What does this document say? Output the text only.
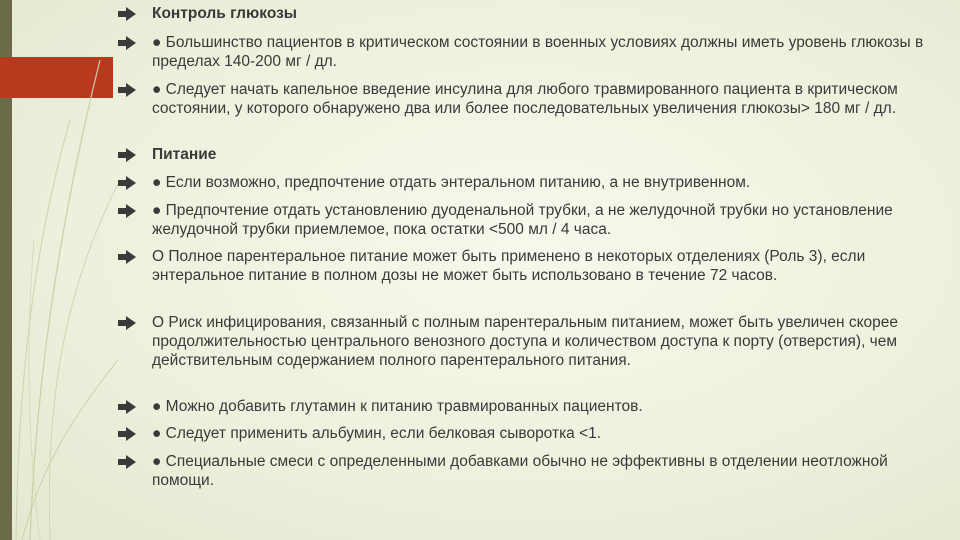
Контроль глюкозы
● Большинство пациентов в критическом состоянии в военных условиях должны иметь уровень глюкозы в пределах 140-200 мг / дл.
● Следует начать капельное введение инсулина для любого травмированного пациента в критическом состоянии, у которого обнаружено два или более последовательных увеличения глюкозы> 180 мг / дл.
Питание
● Если возможно, предпочтение отдать энтеральном питанию, а не внутривенном.
● Предпочтение отдать установлению дуоденальной трубки, а не желудочной трубки но установление желудочной трубки приемлемое, пока остатки <500 мл / 4 часа.
О Полное парентеральное питание может быть применено в некоторых отделениях (Роль 3), если энтеральное питание в полном дозы не может быть использовано в течение 72 часов.
О Риск инфицирования, связанный с полным парентеральным питанием, может быть увеличен скорее продолжительностью центрального венозного доступа и количеством доступа к порту (отверстия), чем действительным содержанием полного парентерального питания.
● Можно добавить глутамин к питанию травмированных пациентов.
● Следует применить альбумин, если белковая сыворотка <1.
● Специальные смеси с определенными добавками обычно не эффективны в отделении неотложной помощи.
